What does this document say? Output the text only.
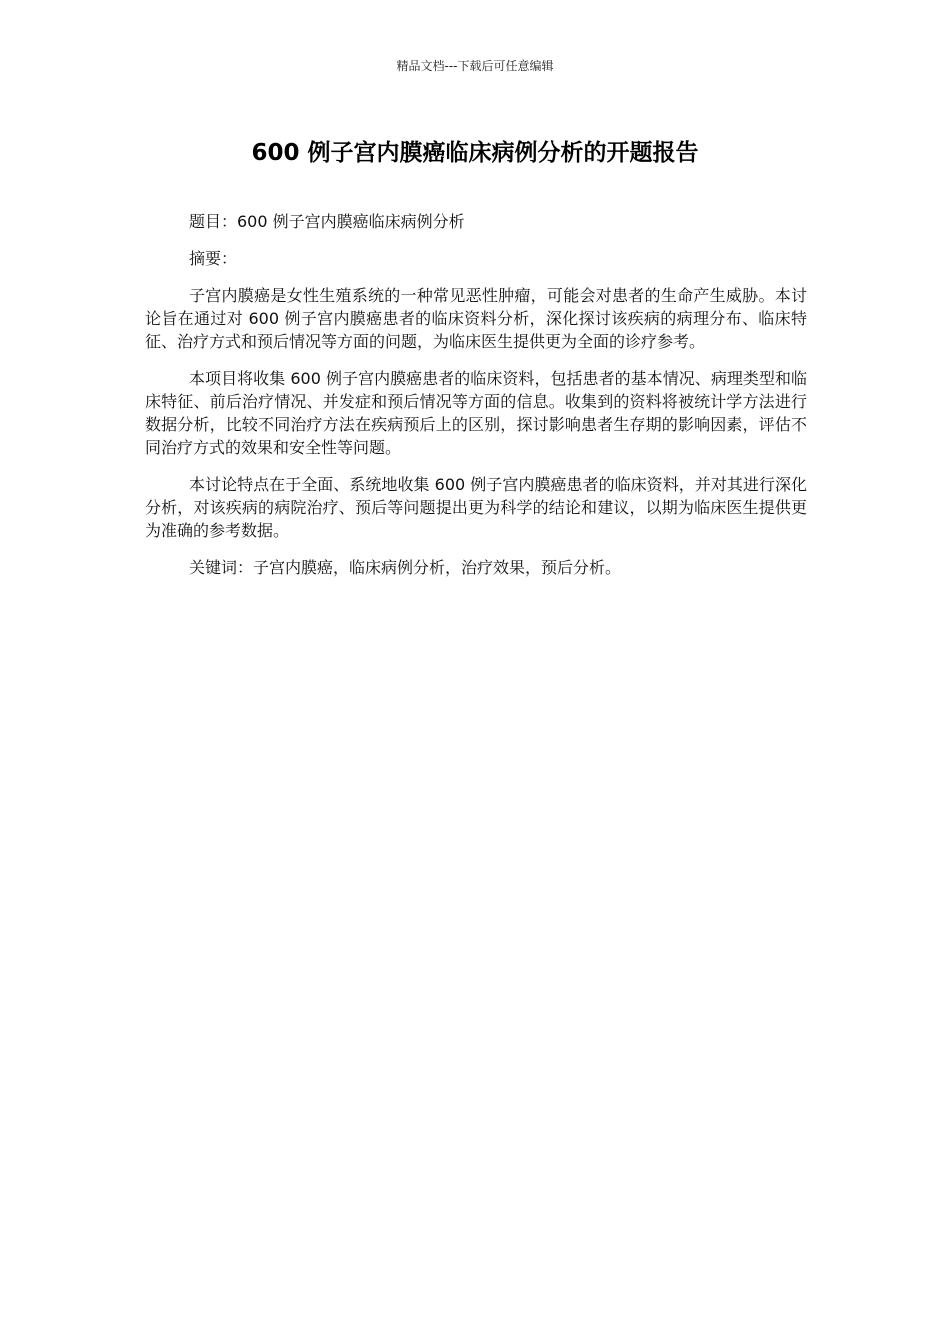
精品文档---下载后可任意编辑
600 例子宫内膜癌临床病例分析的开题报告

题目：600 例子宫内膜癌临床病例分析

摘要：

子宫内膜癌是女性生殖系统的一种常见恶性肿瘤，可能会对患者的生命产生威胁。本讨论旨在通过对 600 例子宫内膜癌患者的临床资料分析，深化探讨该疾病的病理分布、临床特征、治疗方式和预后情况等方面的问题，为临床医生提供更为全面的诊疗参考。

本项目将收集 600 例子宫内膜癌患者的临床资料，包括患者的基本情况、病理类型和临床特征、前后治疗情况、并发症和预后情况等方面的信息。收集到的资料将被统计学方法进行数据分析，比较不同治疗方法在疾病预后上的区别，探讨影响患者生存期的影响因素，评估不同治疗方式的效果和安全性等问题。

本讨论特点在于全面、系统地收集 600 例子宫内膜癌患者的临床资料，并对其进行深化分析，对该疾病的病院治疗、预后等问题提出更为科学的结论和建议，以期为临床医生提供更为准确的参考数据。

关键词：子宫内膜癌，临床病例分析，治疗效果，预后分析。
